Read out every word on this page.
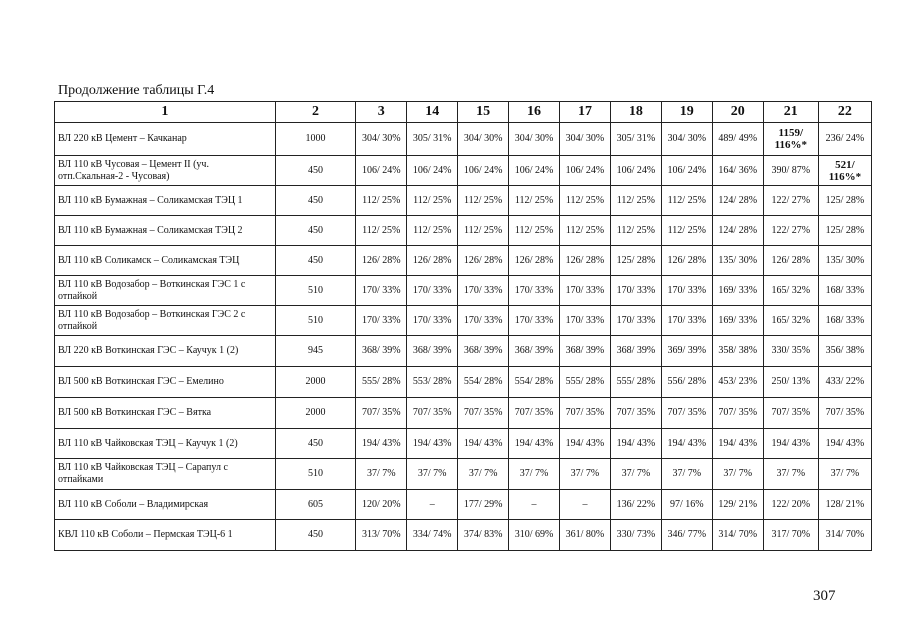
Продолжение таблицы Г.4
1	2	3	14	15	16	17	18	19	20	21	22
ВЛ 220 кВ Цемент – Качканар	1000	304/ 30%	305/ 31%	304/ 30%	304/ 30%	304/ 30%	305/ 31%	304/ 30%	489/ 49%	1159/ 116%*	236/ 24%
ВЛ 110 кВ Чусовая – Цемент II (уч. отп.Скальная-2 - Чусовая)	450	106/ 24%	106/ 24%	106/ 24%	106/ 24%	106/ 24%	106/ 24%	106/ 24%	164/ 36%	390/ 87%	521/ 116%*
ВЛ 110 кВ Бумажная – Соликамская ТЭЦ 1	450	112/ 25%	112/ 25%	112/ 25%	112/ 25%	112/ 25%	112/ 25%	112/ 25%	124/ 28%	122/ 27%	125/ 28%
ВЛ 110 кВ Бумажная – Соликамская ТЭЦ 2	450	112/ 25%	112/ 25%	112/ 25%	112/ 25%	112/ 25%	112/ 25%	112/ 25%	124/ 28%	122/ 27%	125/ 28%
ВЛ 110 кВ Соликамск – Соликамская ТЭЦ	450	126/ 28%	126/ 28%	126/ 28%	126/ 28%	126/ 28%	125/ 28%	126/ 28%	135/ 30%	126/ 28%	135/ 30%
ВЛ 110 кВ Водозабор – Воткинская ГЭС 1 с отпайкой	510	170/ 33%	170/ 33%	170/ 33%	170/ 33%	170/ 33%	170/ 33%	170/ 33%	169/ 33%	165/ 32%	168/ 33%
ВЛ 110 кВ Водозабор – Воткинская ГЭС 2 с отпайкой	510	170/ 33%	170/ 33%	170/ 33%	170/ 33%	170/ 33%	170/ 33%	170/ 33%	169/ 33%	165/ 32%	168/ 33%
ВЛ 220 кВ Воткинская ГЭС – Каучук 1 (2)	945	368/ 39%	368/ 39%	368/ 39%	368/ 39%	368/ 39%	368/ 39%	369/ 39%	358/ 38%	330/ 35%	356/ 38%
ВЛ 500 кВ Воткинская ГЭС – Емелино	2000	555/ 28%	553/ 28%	554/ 28%	554/ 28%	555/ 28%	555/ 28%	556/ 28%	453/ 23%	250/ 13%	433/ 22%
ВЛ 500 кВ Воткинская ГЭС – Вятка	2000	707/ 35%	707/ 35%	707/ 35%	707/ 35%	707/ 35%	707/ 35%	707/ 35%	707/ 35%	707/ 35%	707/ 35%
ВЛ 110 кВ Чайковская ТЭЦ – Каучук 1 (2)	450	194/ 43%	194/ 43%	194/ 43%	194/ 43%	194/ 43%	194/ 43%	194/ 43%	194/ 43%	194/ 43%	194/ 43%
ВЛ 110 кВ Чайковская ТЭЦ – Сарапул с отпайками	510	37/ 7%	37/ 7%	37/ 7%	37/ 7%	37/ 7%	37/ 7%	37/ 7%	37/ 7%	37/ 7%	37/ 7%
ВЛ 110 кВ Соболи – Владимирская	605	120/ 20%	–	177/ 29%	–	–	136/ 22%	97/ 16%	129/ 21%	122/ 20%	128/ 21%
КВЛ 110 кВ Соболи – Пермская ТЭЦ-6 1	450	313/ 70%	334/ 74%	374/ 83%	310/ 69%	361/ 80%	330/ 73%	346/ 77%	314/ 70%	317/ 70%	314/ 70%
307
